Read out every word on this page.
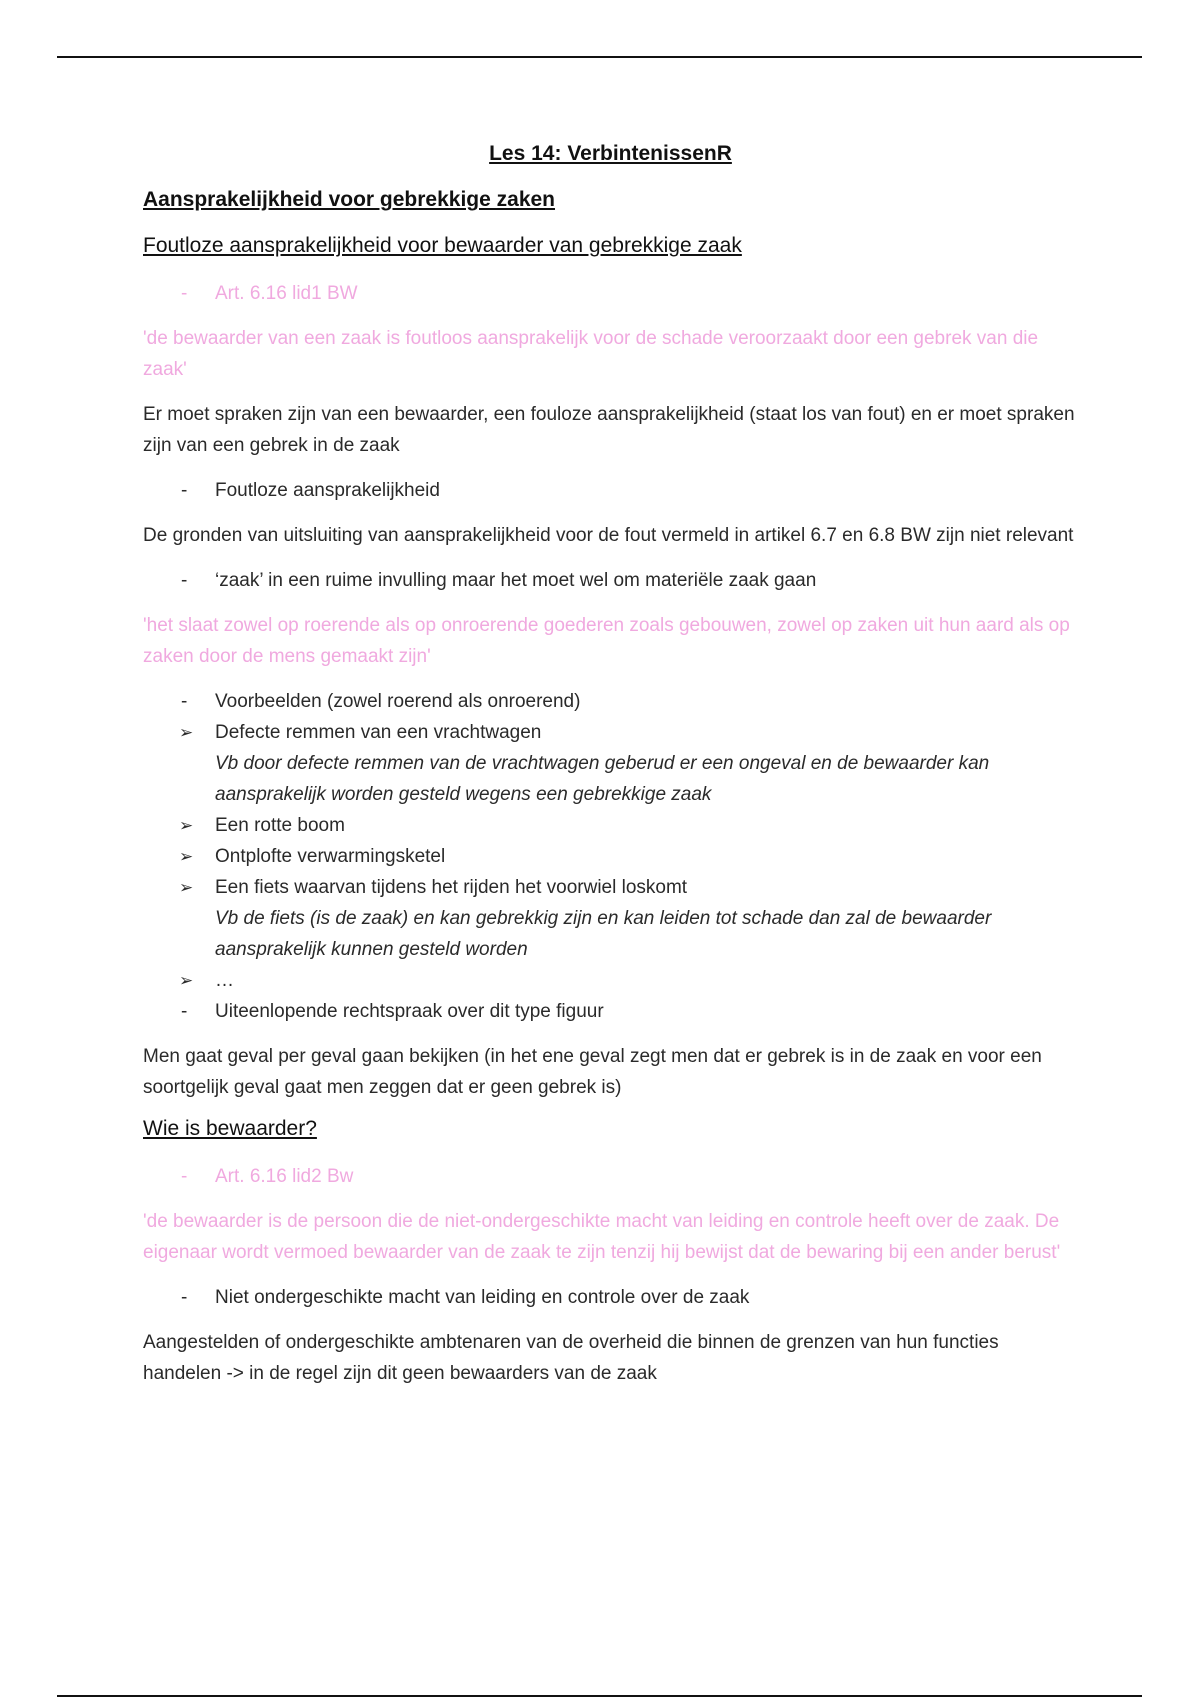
Les 14: VerbintenissenR
Aansprakelijkheid voor gebrekkige zaken
Foutloze aansprakelijkheid voor bewaarder van gebrekkige zaak
-	Art. 6.16 lid1 BW

'de bewaarder van een zaak is foutloos aansprakelijk voor de schade veroorzaakt door een gebrek van die zaak'

Er moet spraken zijn van een bewaarder, een fouloze aansprakelijkheid (staat los van fout) en er moet spraken zijn van een gebrek in de zaak

-	Foutloze aansprakelijkheid

De gronden van uitsluiting van aansprakelijkheid voor de fout vermeld in artikel 6.7 en 6.8 BW zijn niet relevant

-	‘zaak’ in een ruime invulling maar het moet wel om materiële zaak gaan

'het slaat zowel op roerende als op onroerende goederen zoals gebouwen, zowel op zaken uit hun aard als op zaken door de mens gemaakt zijn'

-	Voorbeelden (zowel roerend als onroerend)
➢	Defecte remmen van een vrachtwagen
Vb door defecte remmen van de vrachtwagen geberud er een ongeval en de bewaarder kan aansprakelijk worden gesteld wegens een gebrekkige zaak
➢	Een rotte boom
➢	Ontplofte verwarmingsketel
➢	Een fiets waarvan tijdens het rijden het voorwiel loskomt
Vb de fiets (is de zaak) en kan gebrekkig zijn en kan leiden tot schade dan zal de bewaarder aansprakelijk kunnen gesteld worden
➢	…
-	Uiteenlopende rechtspraak over dit type figuur

Men gaat geval per geval gaan bekijken (in het ene geval zegt men dat er gebrek is in de zaak en voor een soortgelijk geval gaat men zeggen dat er geen gebrek is)

Wie is bewaarder?
-	Art. 6.16 lid2 Bw

'de bewaarder is de persoon die de niet-ondergeschikte macht van leiding en controle heeft over de zaak. De eigenaar wordt vermoed bewaarder van de zaak te zijn tenzij hij bewijst dat de bewaring bij een ander berust'

-	Niet ondergeschikte macht van leiding en controle over de zaak

Aangestelden of ondergeschikte ambtenaren van de overheid die binnen de grenzen van hun functies handelen -> in de regel zijn dit geen bewaarders van de zaak
